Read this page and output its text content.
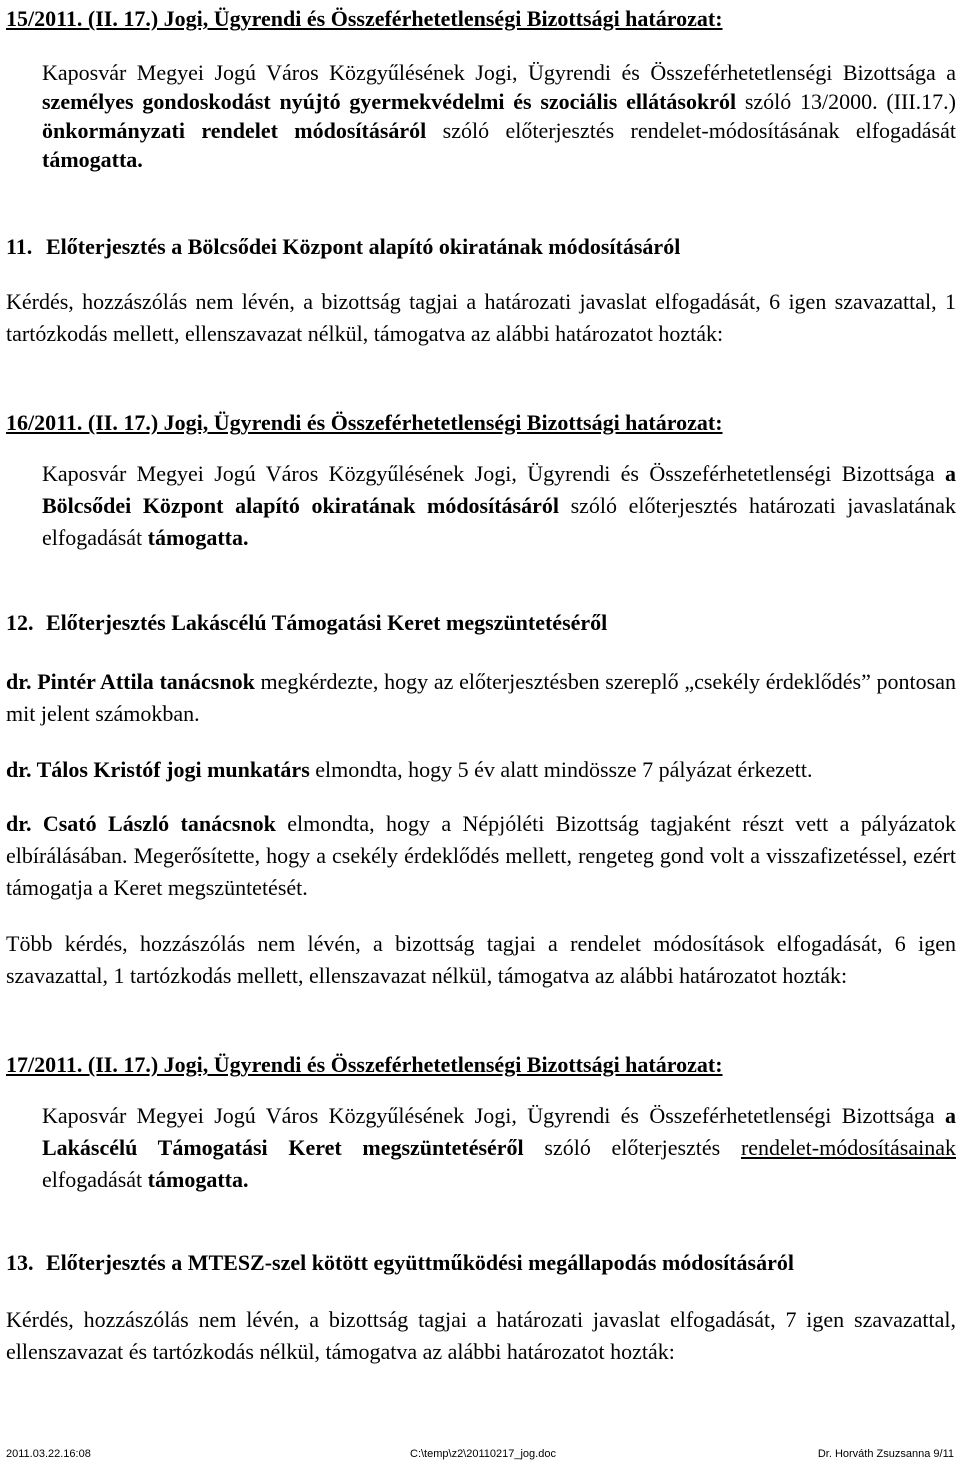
15/2011. (II. 17.) Jogi, Ügyrendi és Összeférhetetlenségi Bizottsági határozat:

Kaposvár Megyei Jogú Város Közgyűlésének Jogi, Ügyrendi és Összeférhetetlenségi Bizottsága a személyes gondoskodást nyújtó gyermekvédelmi és szociális ellátásokról szóló 13/2000. (III.17.) önkormányzati rendelet módosításáról szóló előterjesztés rendelet-módosításának elfogadását támogatta.

11. Előterjesztés a Bölcsődei Központ alapító okiratának módosításáról

Kérdés, hozzászólás nem lévén, a bizottság tagjai a határozati javaslat elfogadását, 6 igen szavazattal, 1 tartózkodás mellett, ellenszavazat nélkül, támogatva az alábbi határozatot hozták:

16/2011. (II. 17.) Jogi, Ügyrendi és Összeférhetetlenségi Bizottsági határozat:

Kaposvár Megyei Jogú Város Közgyűlésének Jogi, Ügyrendi és Összeférhetetlenségi Bizottsága a Bölcsődei Központ alapító okiratának módosításáról szóló előterjesztés határozati javaslatának elfogadását támogatta.

12. Előterjesztés Lakáscélú Támogatási Keret megszüntetéséről

dr. Pintér Attila tanácsnok megkérdezte, hogy az előterjesztésben szereplő „csekély érdeklődés” pontosan mit jelent számokban.

dr. Tálos Kristóf jogi munkatárs elmondta, hogy 5 év alatt mindössze 7 pályázat érkezett.

dr. Csató László tanácsnok elmondta, hogy a Népjóléti Bizottság tagjaként részt vett a pályázatok elbírálásában. Megerősítette, hogy a csekély érdeklődés mellett, rengeteg gond volt a visszafizetéssel, ezért támogatja a Keret megszüntetését.

Több kérdés, hozzászólás nem lévén, a bizottság tagjai a rendelet módosítások elfogadását, 6 igen szavazattal, 1 tartózkodás mellett, ellenszavazat nélkül, támogatva az alábbi határozatot hozták:

17/2011. (II. 17.) Jogi, Ügyrendi és Összeférhetetlenségi Bizottsági határozat:

Kaposvár Megyei Jogú Város Közgyűlésének Jogi, Ügyrendi és Összeférhetetlenségi Bizottsága a Lakáscélú Támogatási Keret megszüntetéséről szóló előterjesztés rendelet-módosításainak elfogadását támogatta.

13. Előterjesztés a MTESZ-szel kötött együttműködési megállapodás módosításáról

Kérdés, hozzászólás nem lévén, a bizottság tagjai a határozati javaslat elfogadását, 7 igen szavazattal, ellenszavazat és tartózkodás nélkül, támogatva az alábbi határozatot hozták:

2011.03.22.16:08	C:\temp\z2\20110217_jog.doc	Dr. Horváth Zsuzsanna 9/11
